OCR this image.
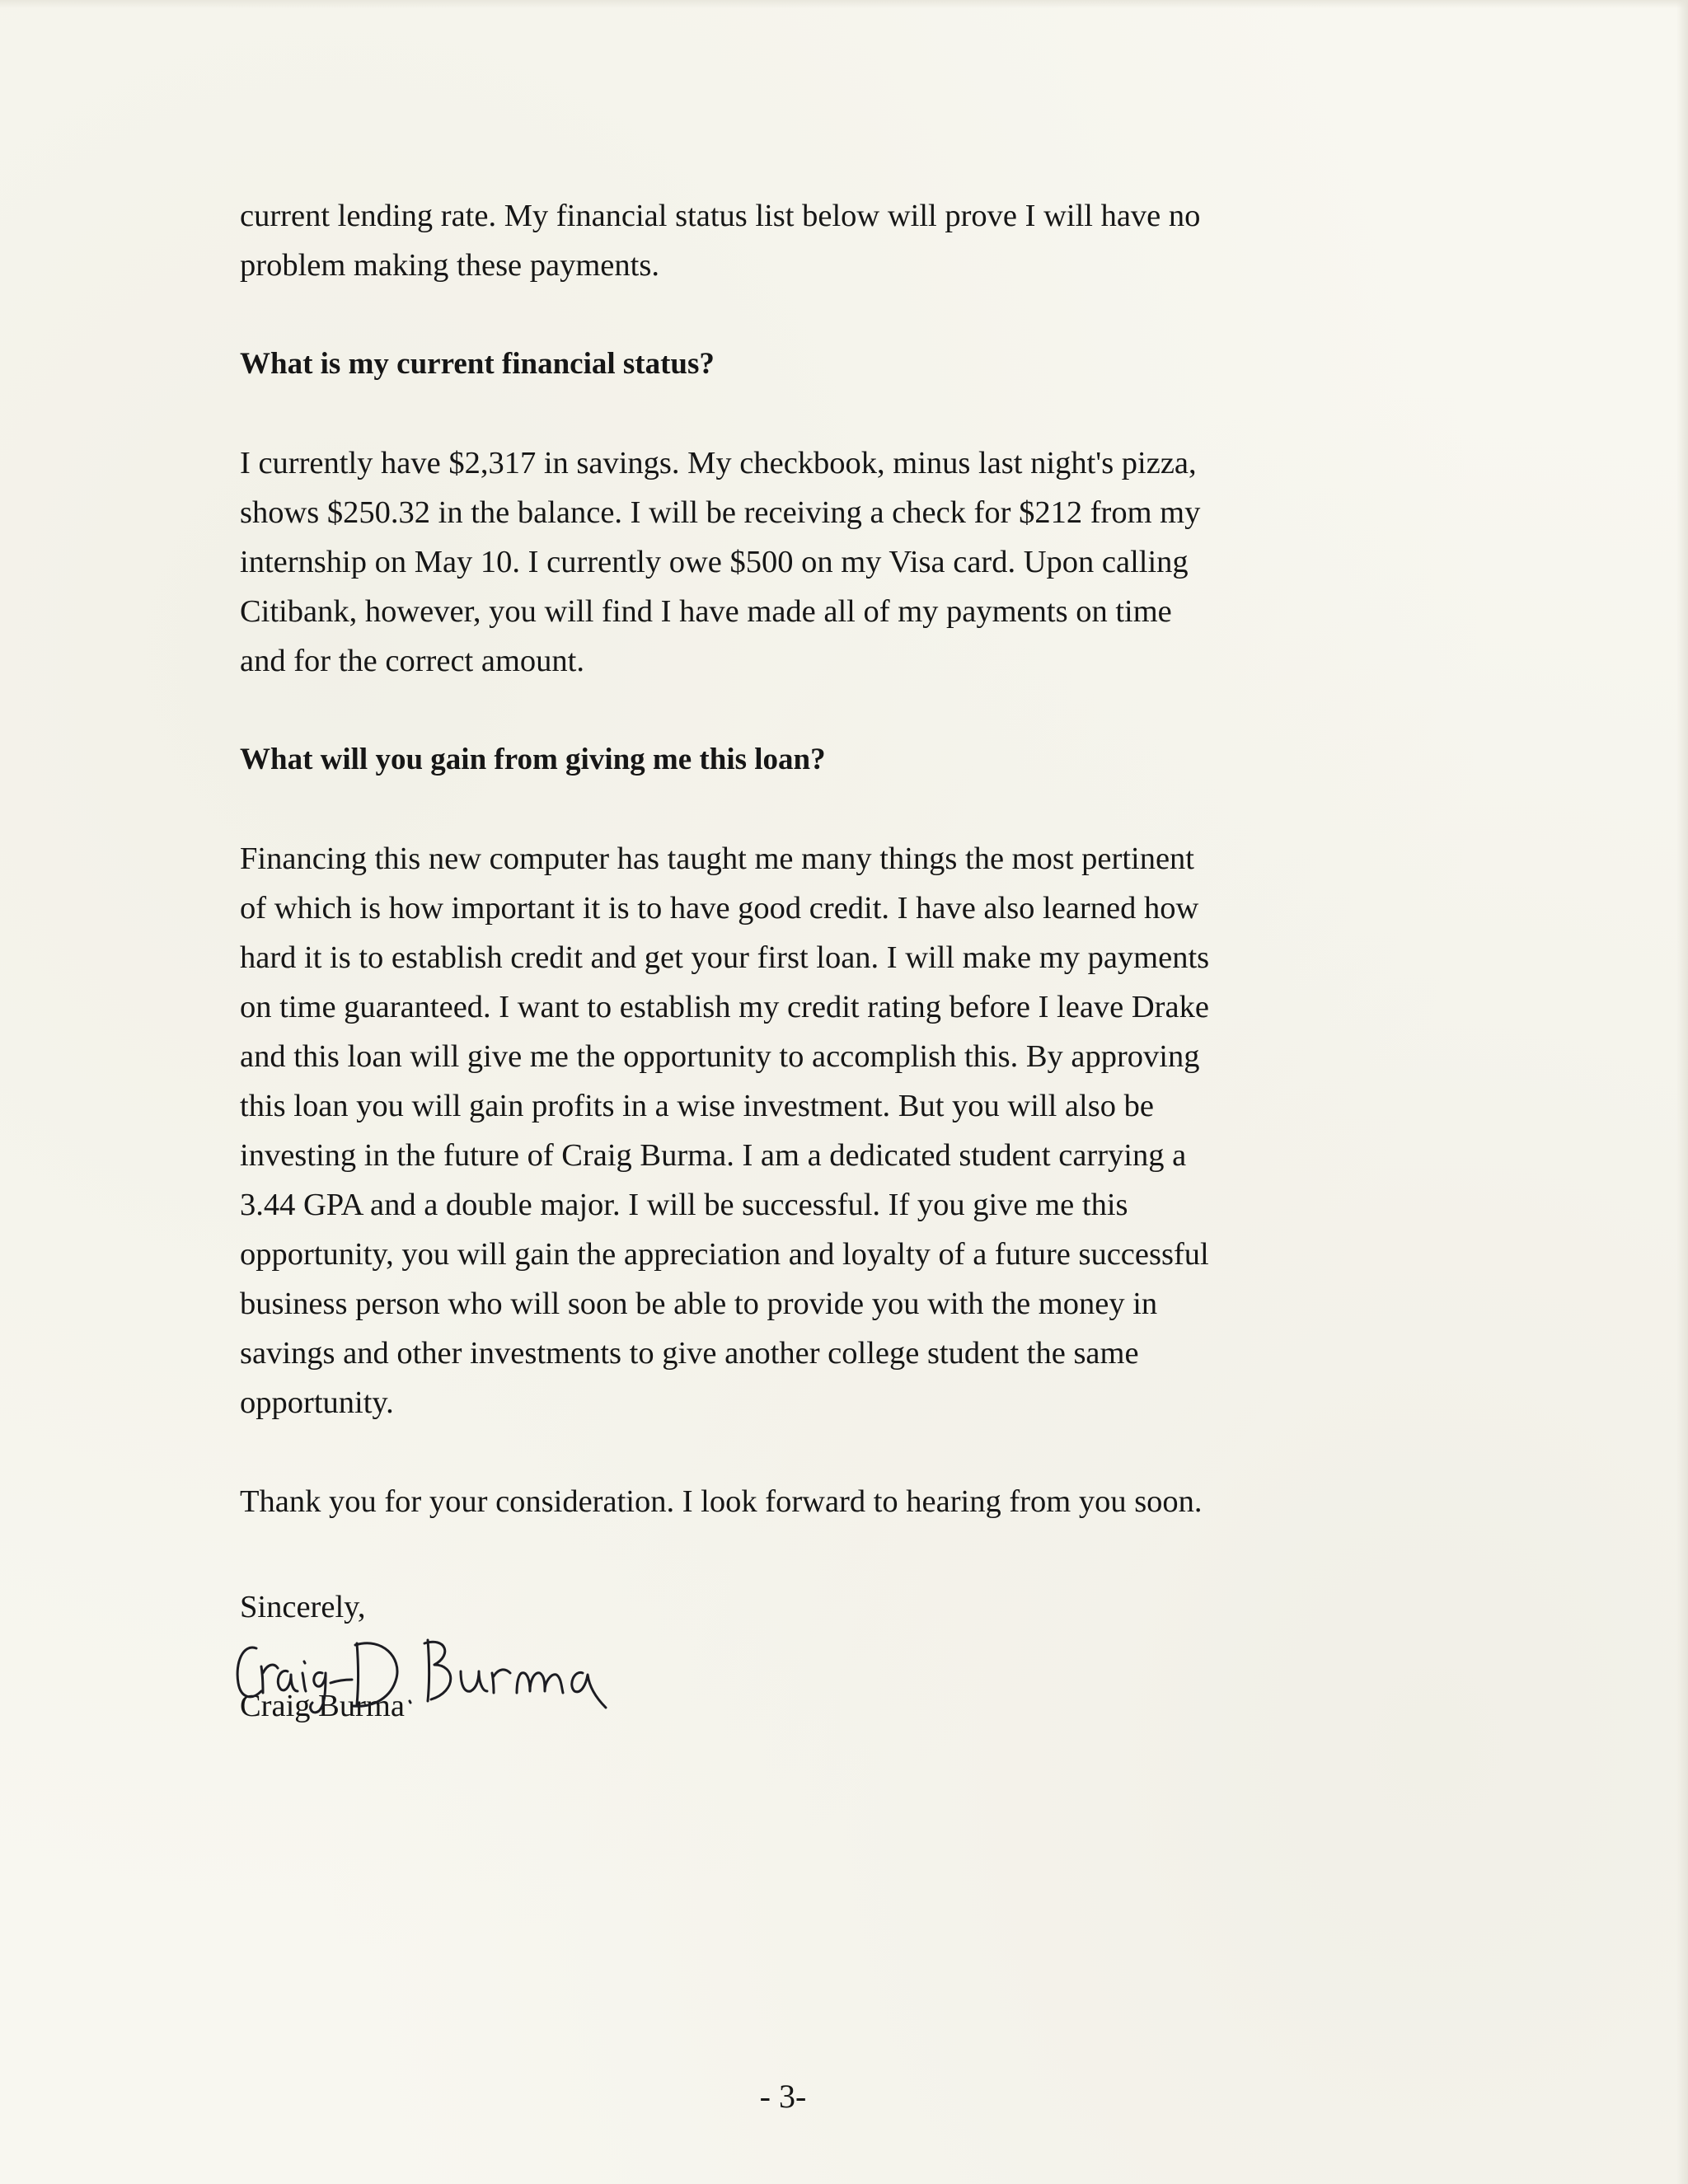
current lending rate. My financial status list below will prove I will have no
problem making these payments.

What is my current financial status?

I currently have $2,317 in savings. My checkbook, minus last night's pizza,
shows $250.32 in the balance. I will be receiving a check for $212 from my
internship on May 10. I currently owe $500 on my Visa card. Upon calling
Citibank, however, you will find I have made all of my payments on time
and for the correct amount.

What will you gain from giving me this loan?

Financing this new computer has taught me many things the most pertinent
of which is how important it is to have good credit. I have also learned how
hard it is to establish credit and get your first loan. I will make my payments
on time guaranteed. I want to establish my credit rating before I leave Drake
and this loan will give me the opportunity to accomplish this. By approving
this loan you will gain profits in a wise investment. But you will also be
investing in the future of Craig Burma. I am a dedicated student carrying a
3.44 GPA and a double major. I will be successful. If you give me this
opportunity, you will gain the appreciation and loyalty of a future successful
business person who will soon be able to provide you with the money in
savings and other investments to give another college student the same
opportunity.

Thank you for your consideration. I look forward to hearing from you soon.

Sincerely,
Craig Burma
- 3-
